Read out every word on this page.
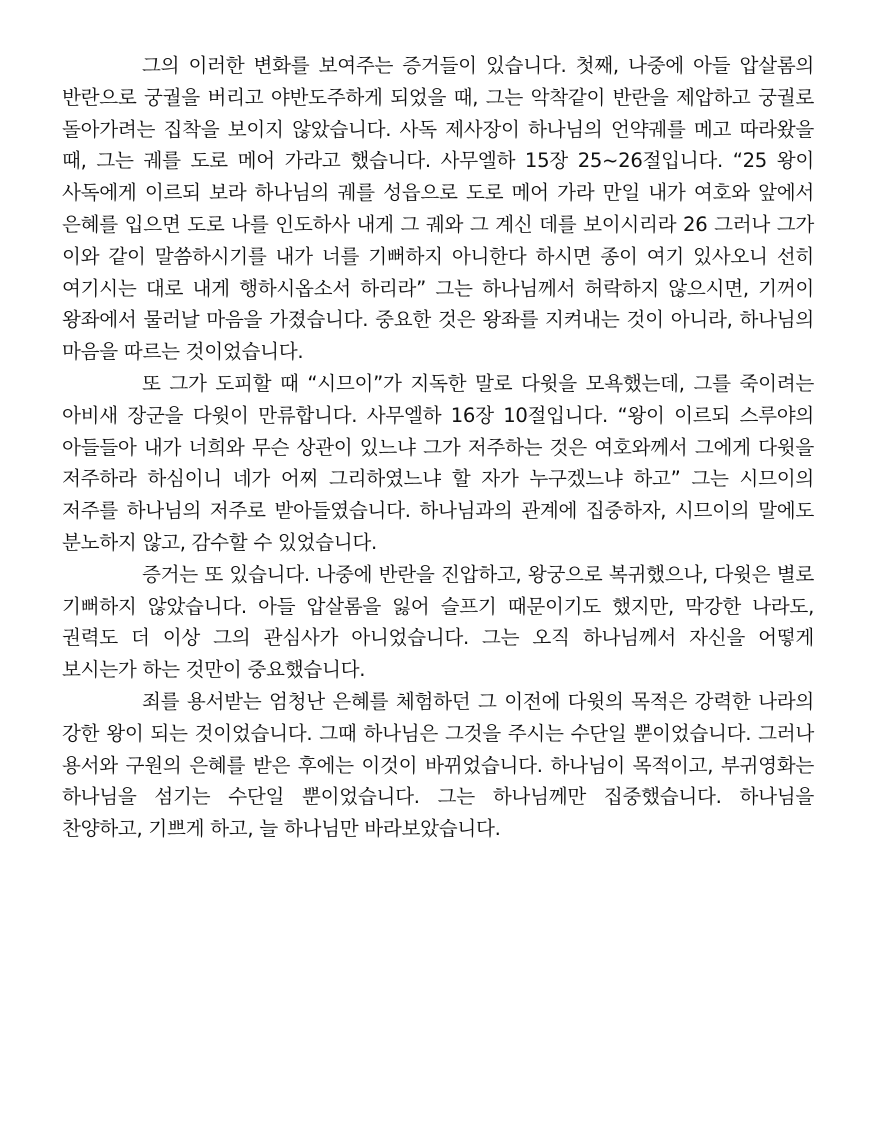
그의 이러한 변화를 보여주는 증거들이 있습니다. 첫째, 나중에 아들 압살롬의 반란으로 궁궐을 버리고 야반도주하게 되었을 때, 그는 악착같이 반란을 제압하고 궁궐로 돌아가려는 집착을 보이지 않았습니다. 사독 제사장이 하나님의 언약궤를 메고 따라왔을 때, 그는 궤를 도로 메어 가라고 했습니다. 사무엘하 15장 25~26절입니다. “25 왕이 사독에게 이르되 보라 하나님의 궤를 성읍으로 도로 메어 가라 만일 내가 여호와 앞에서 은혜를 입으면 도로 나를 인도하사 내게 그 궤와 그 계신 데를 보이시리라 26 그러나 그가 이와 같이 말씀하시기를 내가 너를 기뻐하지 아니한다 하시면 종이 여기 있사오니 선히 여기시는 대로 내게 행하시옵소서 하리라” 그는 하나님께서 허락하지 않으시면, 기꺼이 왕좌에서 물러날 마음을 가졌습니다. 중요한 것은 왕좌를 지켜내는 것이 아니라, 하나님의 마음을 따르는 것이었습니다.

또 그가 도피할 때 “시므이”가 지독한 말로 다윗을 모욕했는데, 그를 죽이려는 아비새 장군을 다윗이 만류합니다. 사무엘하 16장 10절입니다. “왕이 이르되 스루야의 아들들아 내가 너희와 무슨 상관이 있느냐 그가 저주하는 것은 여호와께서 그에게 다윗을 저주하라 하심이니 네가 어찌 그리하였느냐 할 자가 누구겠느냐 하고” 그는 시므이의 저주를 하나님의 저주로 받아들였습니다. 하나님과의 관계에 집중하자, 시므이의 말에도 분노하지 않고, 감수할 수 있었습니다.

증거는 또 있습니다. 나중에 반란을 진압하고, 왕궁으로 복귀했으나, 다윗은 별로 기뻐하지 않았습니다. 아들 압살롬을 잃어 슬프기 때문이기도 했지만, 막강한 나라도, 권력도 더 이상 그의 관심사가 아니었습니다. 그는 오직 하나님께서 자신을 어떻게 보시는가 하는 것만이 중요했습니다.

죄를 용서받는 엄청난 은혜를 체험하던 그 이전에 다윗의 목적은 강력한 나라의 강한 왕이 되는 것이었습니다. 그때 하나님은 그것을 주시는 수단일 뿐이었습니다. 그러나 용서와 구원의 은혜를 받은 후에는 이것이 바뀌었습니다. 하나님이 목적이고, 부귀영화는 하나님을 섬기는 수단일 뿐이었습니다. 그는 하나님께만 집중했습니다. 하나님을 찬양하고, 기쁘게 하고, 늘 하나님만 바라보았습니다.
